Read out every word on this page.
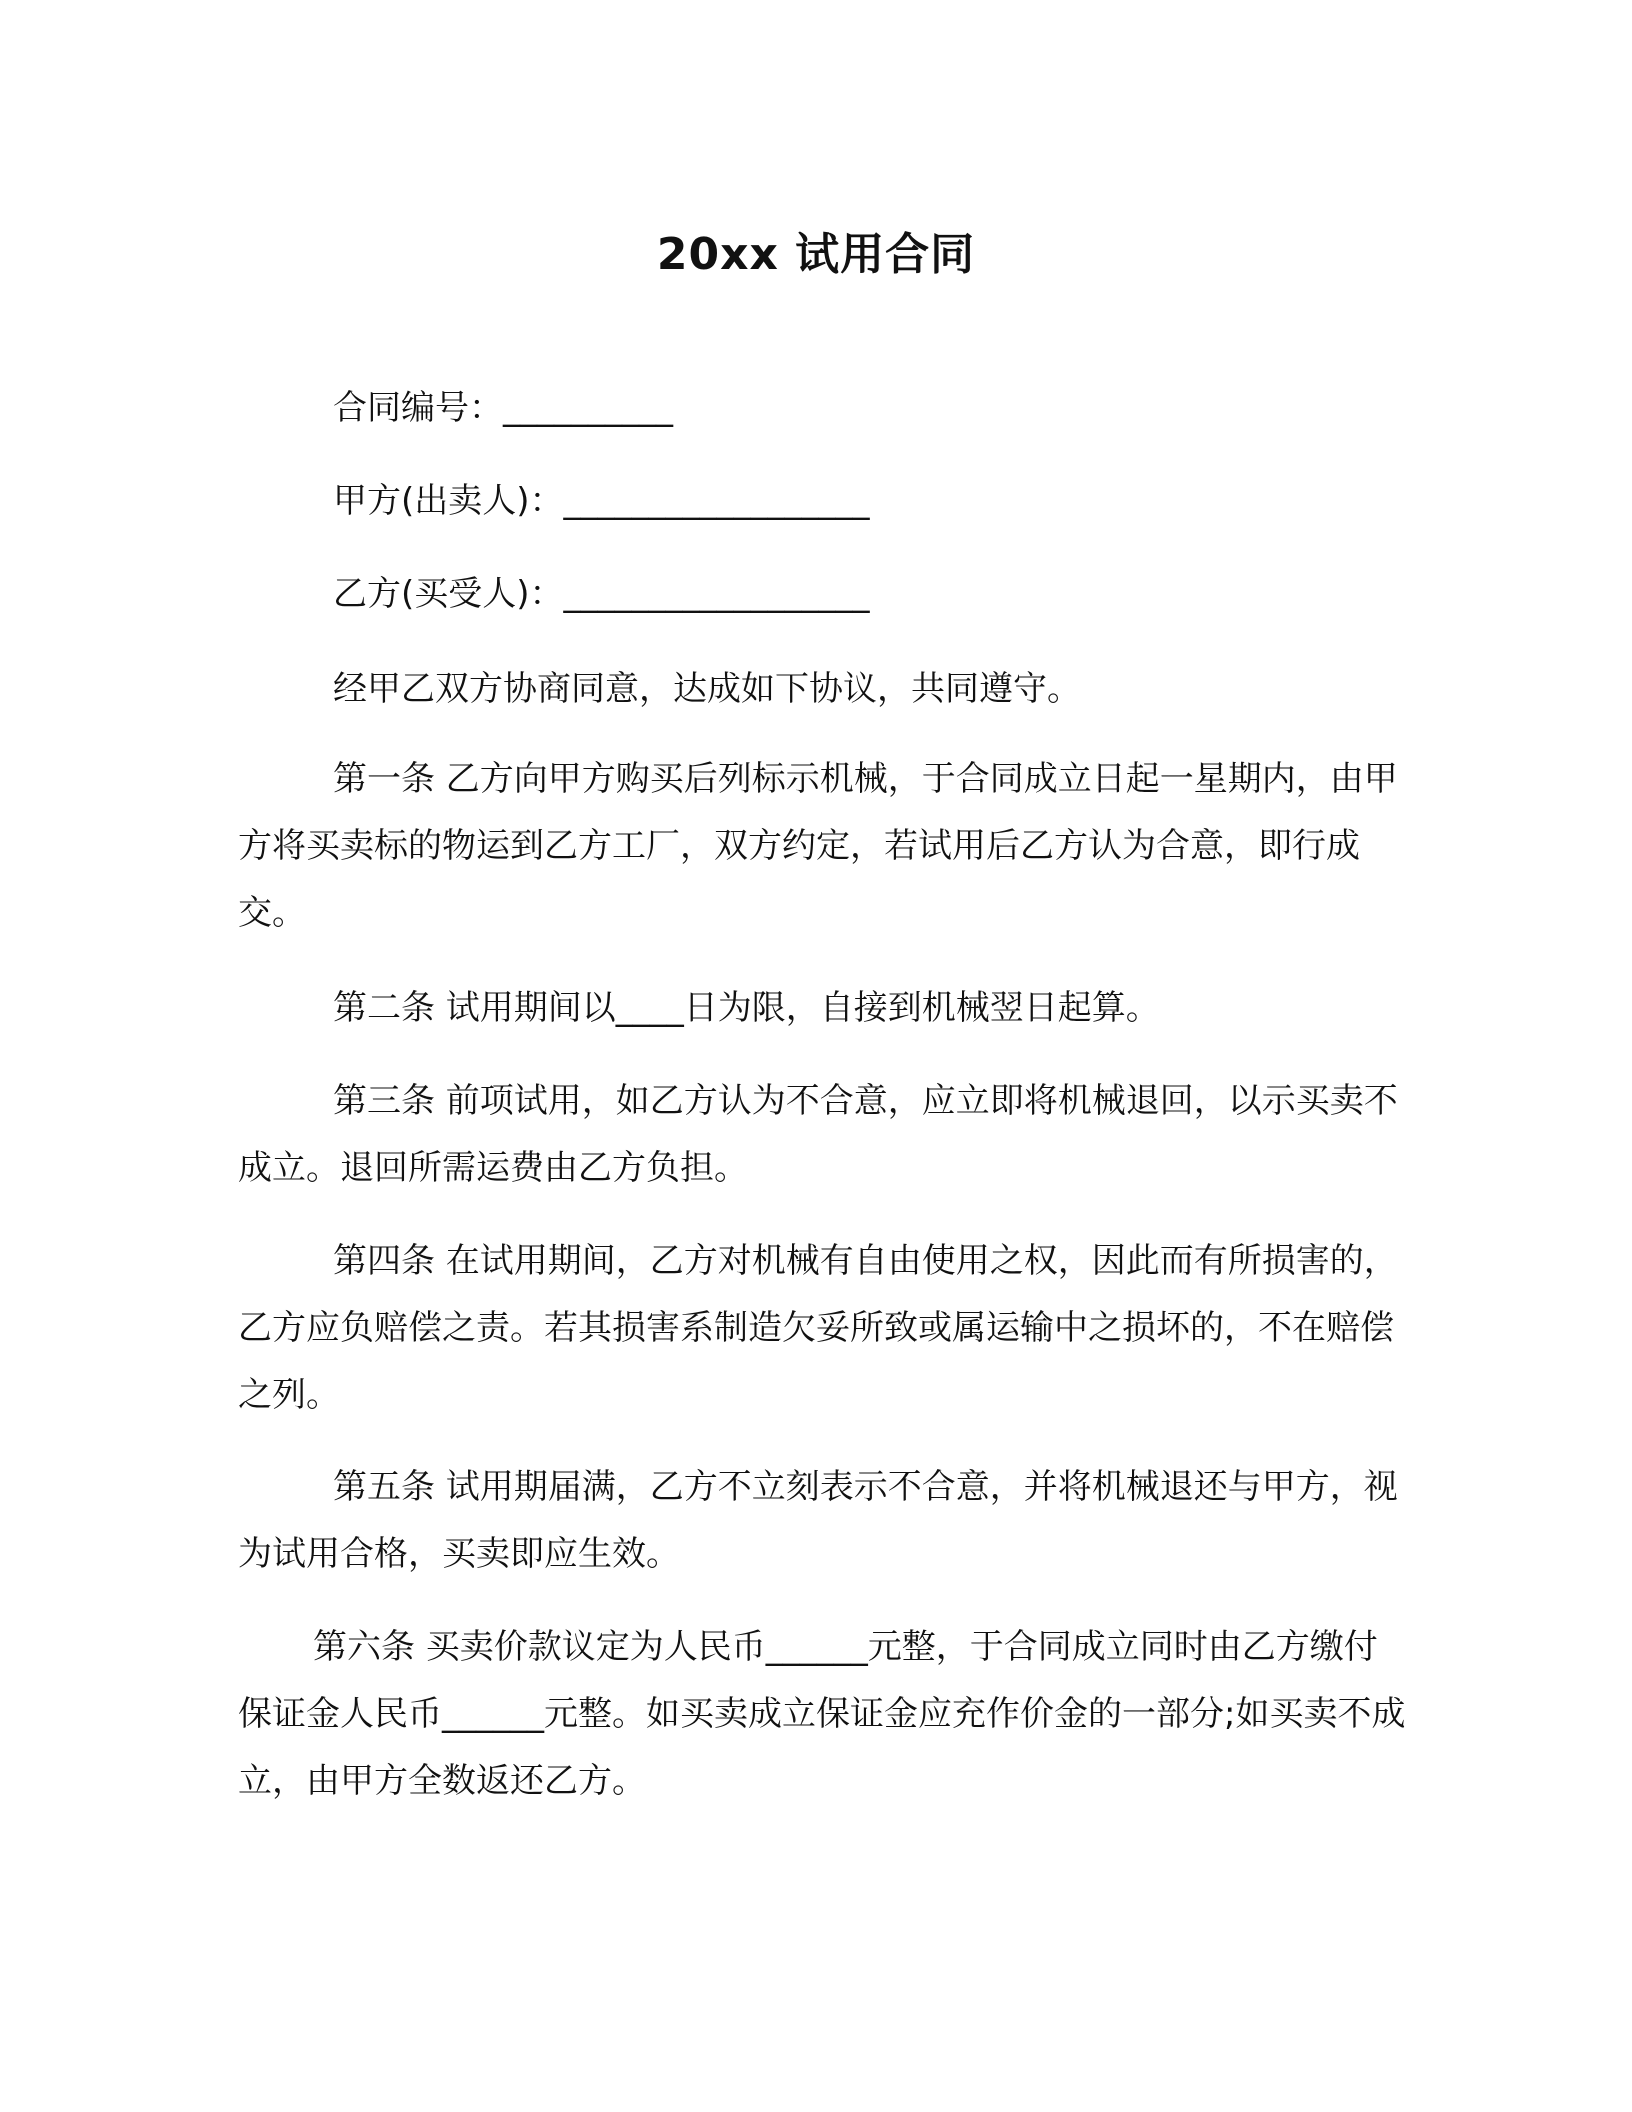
20xx 试用合同
合同编号：__________
甲方(出卖人)：__________________
乙方(买受人)：__________________
经甲乙双方协商同意，达成如下协议，共同遵守。

第一条 乙方向甲方购买后列标示机械，于合同成立日起一星期内，由甲方将买卖标的物运到乙方工厂，双方约定，若试用后乙方认为合意，即行成交。

第二条 试用期间以____日为限，自接到机械翌日起算。

第三条 前项试用，如乙方认为不合意，应立即将机械退回，以示买卖不成立。退回所需运费由乙方负担。

第四条 在试用期间，乙方对机械有自由使用之权，因此而有所损害的，乙方应负赔偿之责。若其损害系制造欠妥所致或属运输中之损坏的，不在赔偿之列。

第五条 试用期届满，乙方不立刻表示不合意，并将机械退还与甲方，视为试用合格，买卖即应生效。

第六条 买卖价款议定为人民币______元整，于合同成立同时由乙方缴付保证金人民币______元整。如买卖成立保证金应充作价金的一部分;如买卖不成立，由甲方全数返还乙方。
